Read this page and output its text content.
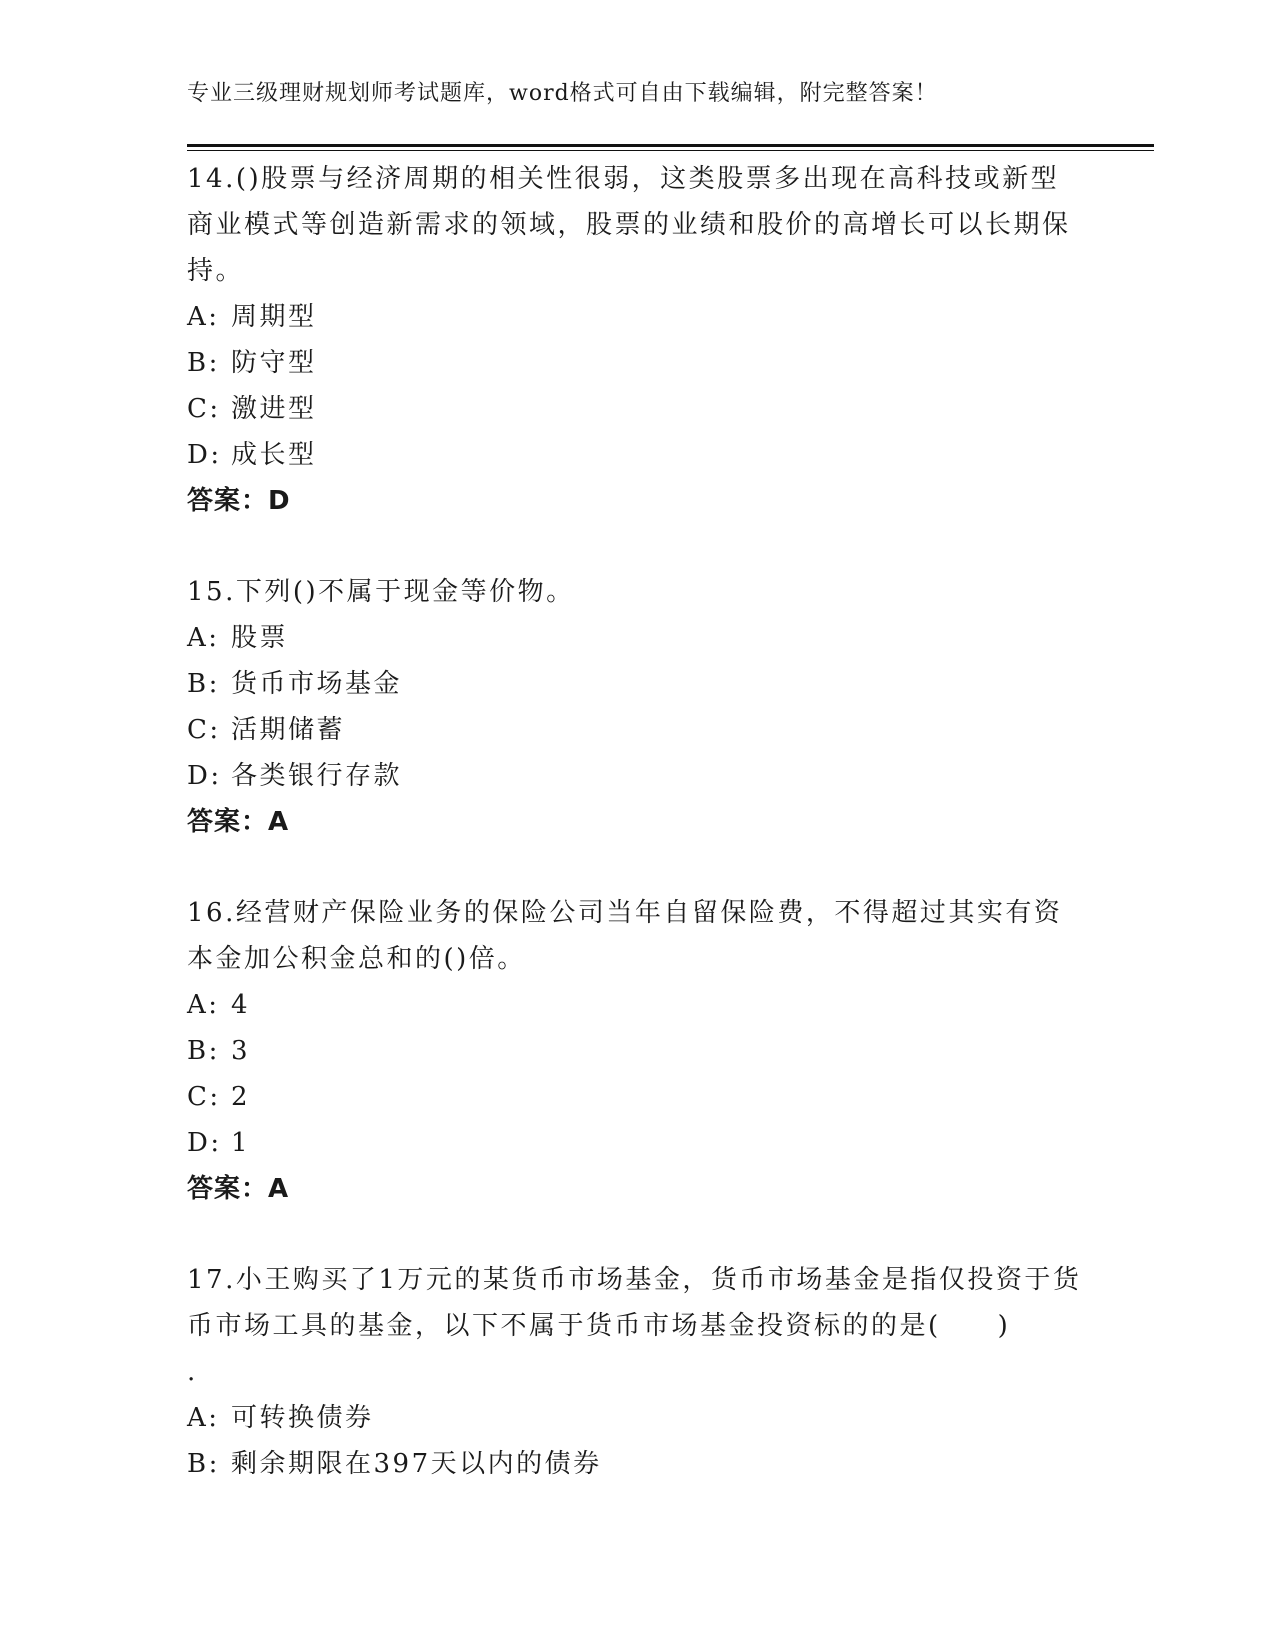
专业三级理财规划师考试题库，word格式可自由下载编辑，附完整答案！

14.()股票与经济周期的相关性很弱，这类股票多出现在高科技或新型商业模式等创造新需求的领域，股票的业绩和股价的高增长可以长期保持。

A: 周期型

B: 防守型

C: 激进型

D: 成长型

答案：D

15.下列()不属于现金等价物。

A: 股票

B: 货币市场基金

C: 活期储蓄

D: 各类银行存款

答案：A

16.经营财产保险业务的保险公司当年自留保险费，不得超过其实有资本金加公积金总和的()倍。

A: 4

B: 3

C: 2

D: 1

答案：A

17.小王购买了1万元的某货币市场基金，货币市场基金是指仅投资于货币市场工具的基金，以下不属于货币市场基金投资标的的是(　　)

.

A: 可转换债券

B: 剩余期限在397天以内的债券
